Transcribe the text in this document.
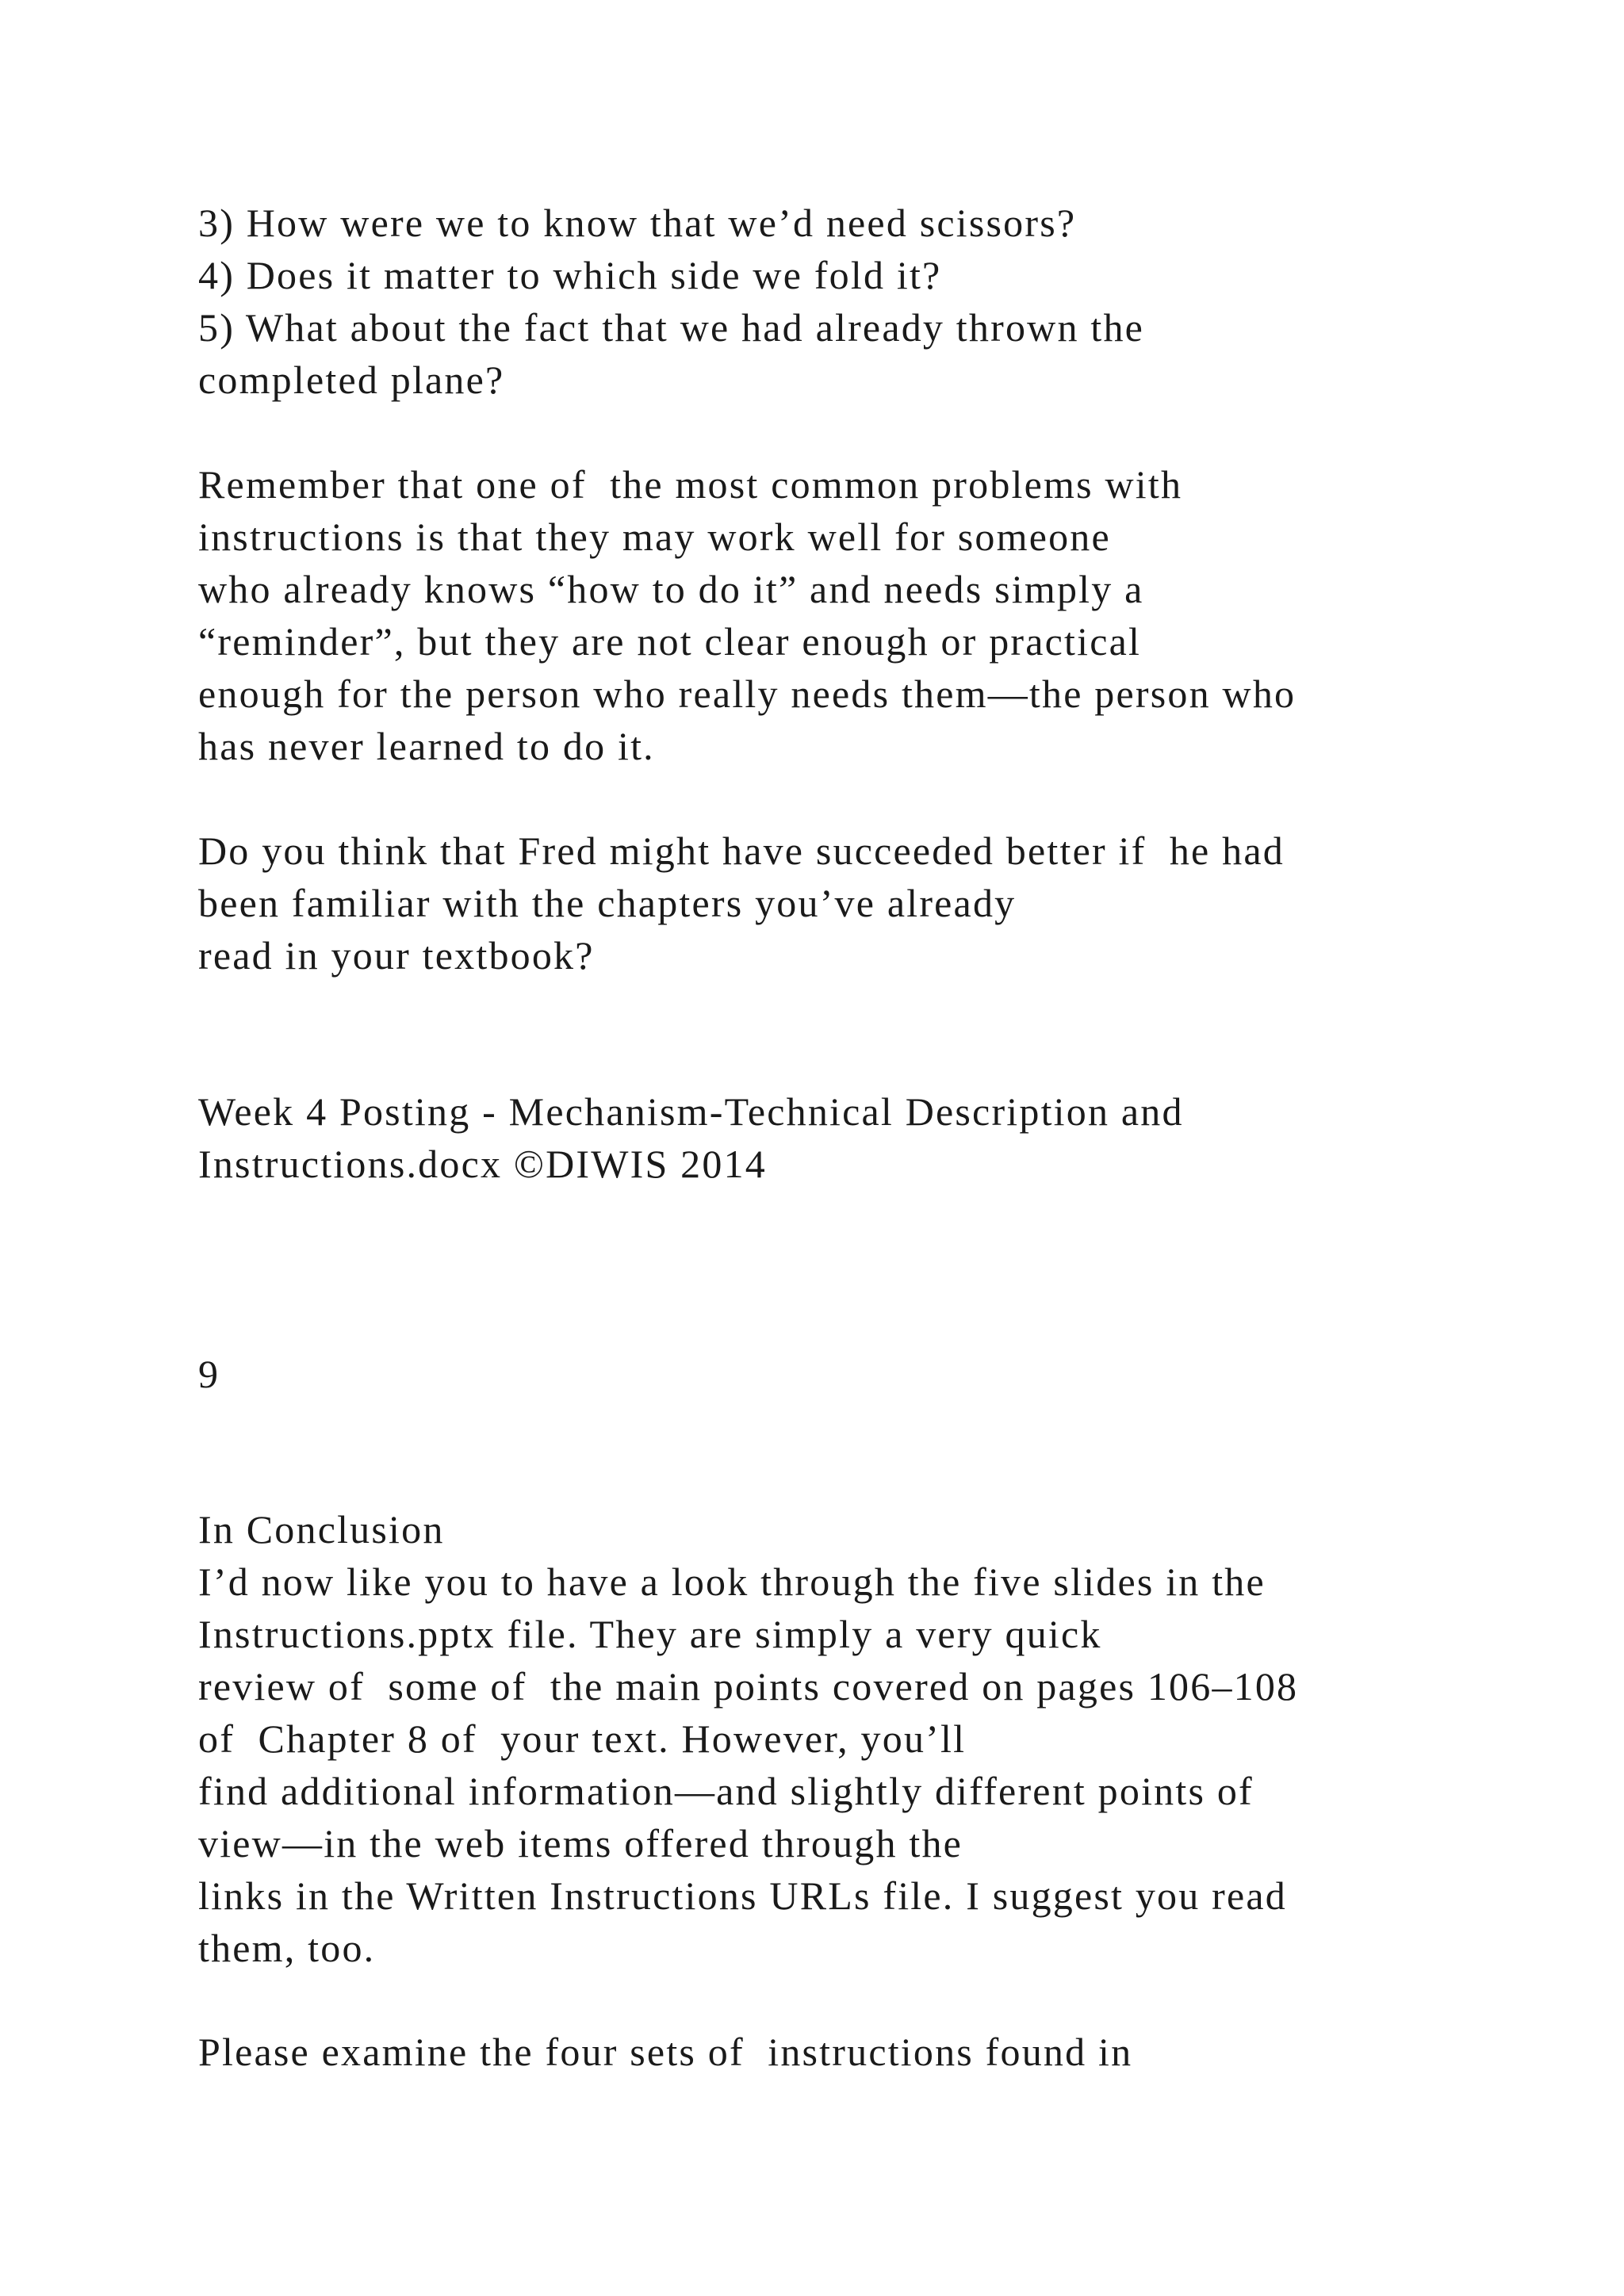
3) How were we to know that we’d need scissors?

4) Does it matter to which side we fold it?

5) What about the fact that we had already thrown the

completed plane?

Remember that one of  the most common problems with

instructions is that they may work well for someone

who already knows “how to do it” and needs simply a

“reminder”, but they are not clear enough or practical

enough for the person who really needs them—the person who

has never learned to do it.

Do you think that Fred might have succeeded better if  he had

been familiar with the chapters you’ve already

read in your textbook?

Week 4 Posting - Mechanism-Technical Description and

Instructions.docx ©DIWIS 2014

9

In Conclusion

I’d now like you to have a look through the five slides in the

Instructions.pptx file. They are simply a very quick

review of  some of  the main points covered on pages 106–108

of  Chapter 8 of  your text. However, you’ll

find additional information—and slightly different points of

view—in the web items offered through the

links in the Written Instructions URLs file. I suggest you read

them, too.

Please examine the four sets of  instructions found in
